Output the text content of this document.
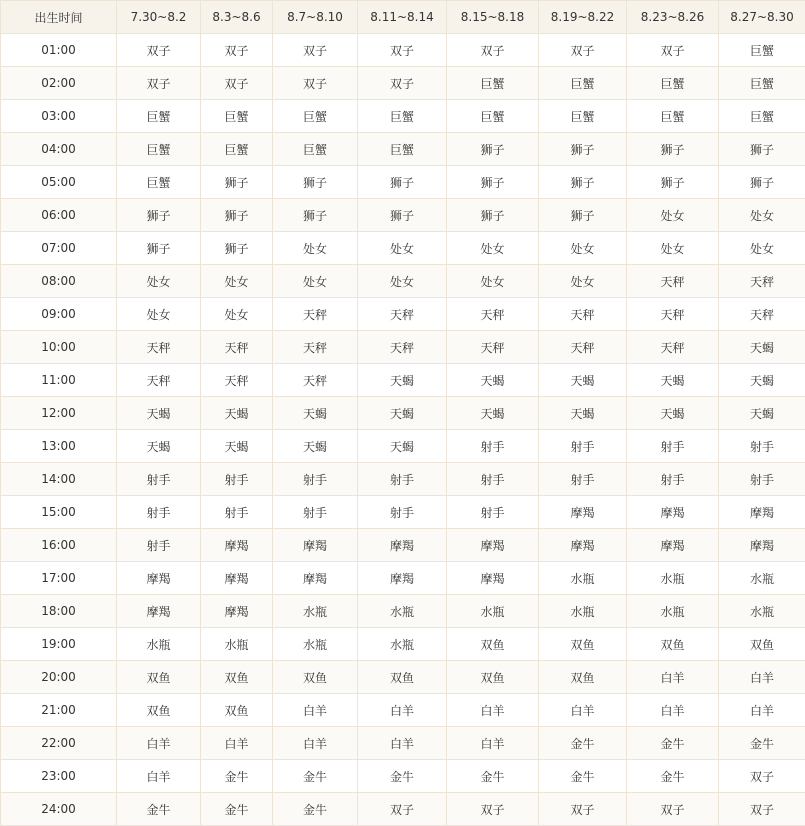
出生时间	7.30~8.2	8.3~8.6	8.7~8.10	8.11~8.14	8.15~8.18	8.19~8.22	8.23~8.26	8.27~8.30
01:00	双子	双子	双子	双子	双子	双子	双子	巨蟹
02:00	双子	双子	双子	双子	巨蟹	巨蟹	巨蟹	巨蟹
03:00	巨蟹	巨蟹	巨蟹	巨蟹	巨蟹	巨蟹	巨蟹	巨蟹
04:00	巨蟹	巨蟹	巨蟹	巨蟹	狮子	狮子	狮子	狮子
05:00	巨蟹	狮子	狮子	狮子	狮子	狮子	狮子	狮子
06:00	狮子	狮子	狮子	狮子	狮子	狮子	处女	处女
07:00	狮子	狮子	处女	处女	处女	处女	处女	处女
08:00	处女	处女	处女	处女	处女	处女	天秤	天秤
09:00	处女	处女	天秤	天秤	天秤	天秤	天秤	天秤
10:00	天秤	天秤	天秤	天秤	天秤	天秤	天秤	天蝎
11:00	天秤	天秤	天秤	天蝎	天蝎	天蝎	天蝎	天蝎
12:00	天蝎	天蝎	天蝎	天蝎	天蝎	天蝎	天蝎	天蝎
13:00	天蝎	天蝎	天蝎	天蝎	射手	射手	射手	射手
14:00	射手	射手	射手	射手	射手	射手	射手	射手
15:00	射手	射手	射手	射手	射手	摩羯	摩羯	摩羯
16:00	射手	摩羯	摩羯	摩羯	摩羯	摩羯	摩羯	摩羯
17:00	摩羯	摩羯	摩羯	摩羯	摩羯	水瓶	水瓶	水瓶
18:00	摩羯	摩羯	水瓶	水瓶	水瓶	水瓶	水瓶	水瓶
19:00	水瓶	水瓶	水瓶	水瓶	双鱼	双鱼	双鱼	双鱼
20:00	双鱼	双鱼	双鱼	双鱼	双鱼	双鱼	白羊	白羊
21:00	双鱼	双鱼	白羊	白羊	白羊	白羊	白羊	白羊
22:00	白羊	白羊	白羊	白羊	白羊	金牛	金牛	金牛
23:00	白羊	金牛	金牛	金牛	金牛	金牛	金牛	双子
24:00	金牛	金牛	金牛	双子	双子	双子	双子	双子
